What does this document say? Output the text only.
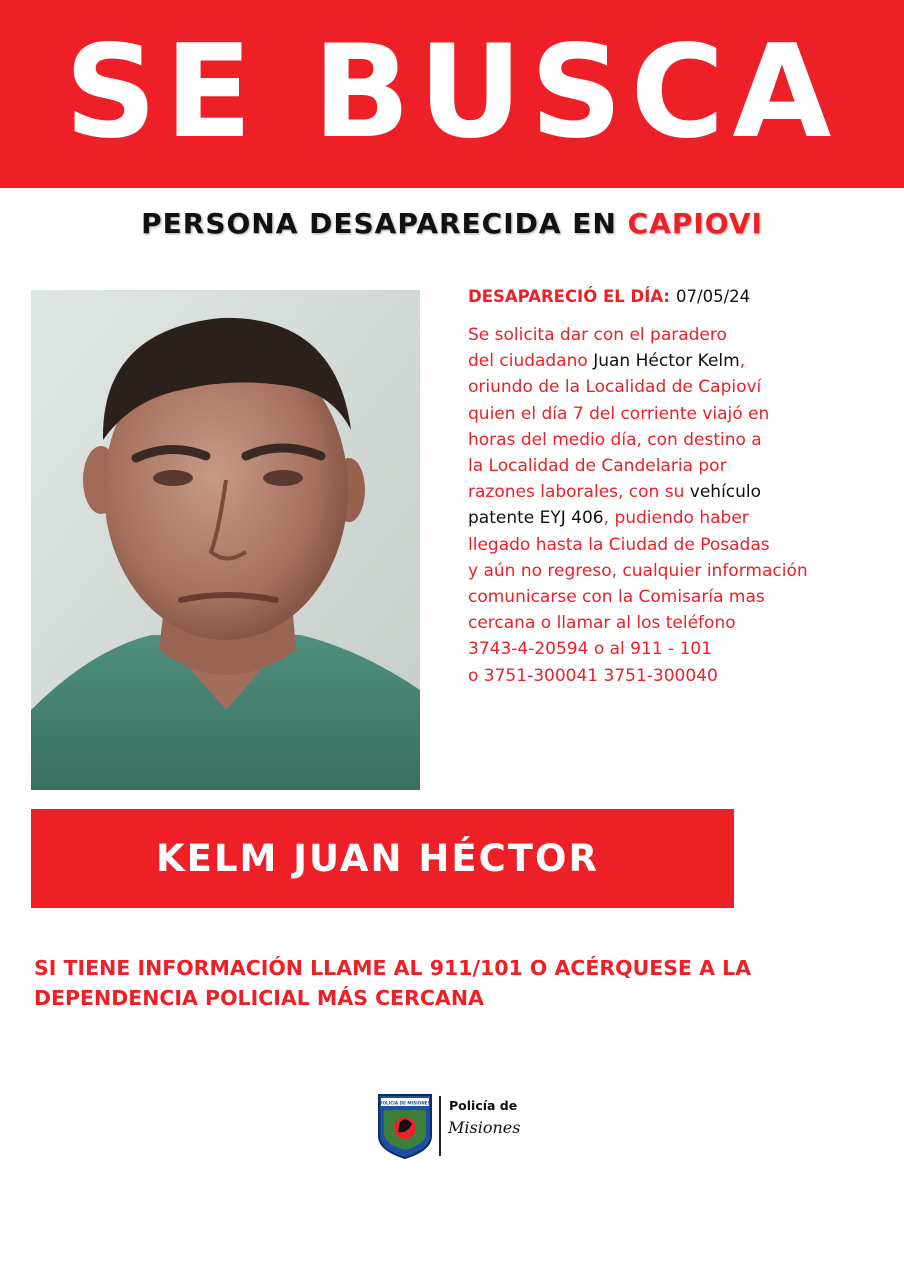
SE BUSCA
PERSONA DESAPARECIDA EN CAPIOVI

DESAPARECIÓ EL DÍA: 07/05/24

Se solicita dar con el paradero
del ciudadano Juan Héctor Kelm,
oriundo de la Localidad de Capioví
quien el día 7 del corriente viajó en
horas del medio día, con destino a
la Localidad de Candelaria por
razones laborales, con su vehículo
patente EYJ 406, pudiendo haber
llegado hasta la Ciudad de Posadas
y aún no regreso, cualquier información
comunicarse con la Comisaría mas
cercana o llamar al los teléfono
3743-4-20594 o al 911 - 101
o 3751-300041 3751-300040

KELM JUAN HÉCTOR

SI TIENE INFORMACIÓN LLAME AL 911/101 O ACÉRQUESE A LA
DEPENDENCIA POLICIAL MÁS CERCANA

POLICIA DE MISIONES Policía de

Misiones
